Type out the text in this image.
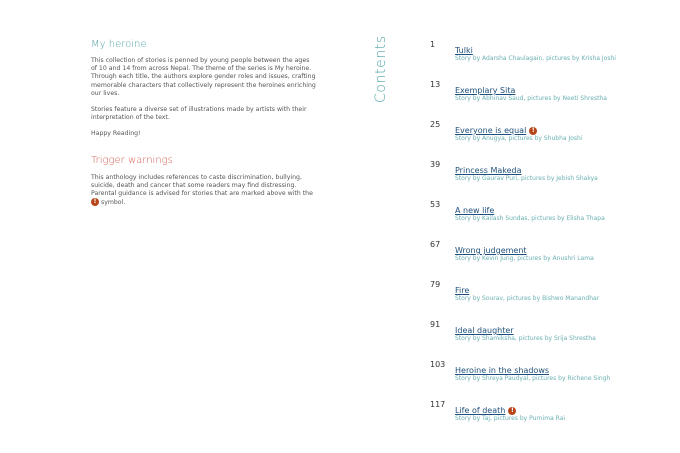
My heroine

This collection of stories is penned by young people between the ages of 10 and 14 from across Nepal. The theme of the series is My heroine. Through each title, the authors explore gender roles and issues, crafting memorable characters that collectively represent the heroines enriching our lives.

Stories feature a diverse set of illustrations made by artists with their interpretation of the text.

Happy Reading!

Trigger warnings

This anthology includes references to caste discrimination, bullying, suicide, death and cancer that some readers may find distressing. Parental guidance is advised for stories that are marked above with the ! symbol.

Contents	1
Tulki
Story by Adarsha Chaulagain, pictures by Krisha Joshi
13
Exemplary Sita
Story by Abhinav Saud, pictures by Neeti Shrestha
25
Everyone is equal !
Story by Anugya, pictures by Shubha Joshi
39
Princess Makeda
Story by Gaurav Puri, pictures by Jebish Shakya
53
A new life
Story by Kailash Sundas, pictures by Elisha Thapa
67
Wrong judgement
Story by Kevin Jung, pictures by Anushri Lama
79
Fire
Story by Sourav, pictures by Bishwo Manandhar
91
Ideal daughter
Story by Shamiksha, pictures by Srija Shrestha
103
Heroine in the shadows
Story by Shreya Paudyal, pictures by Richene Singh
117
Life of death !
Story by Taj, pictures by Purnima Rai
